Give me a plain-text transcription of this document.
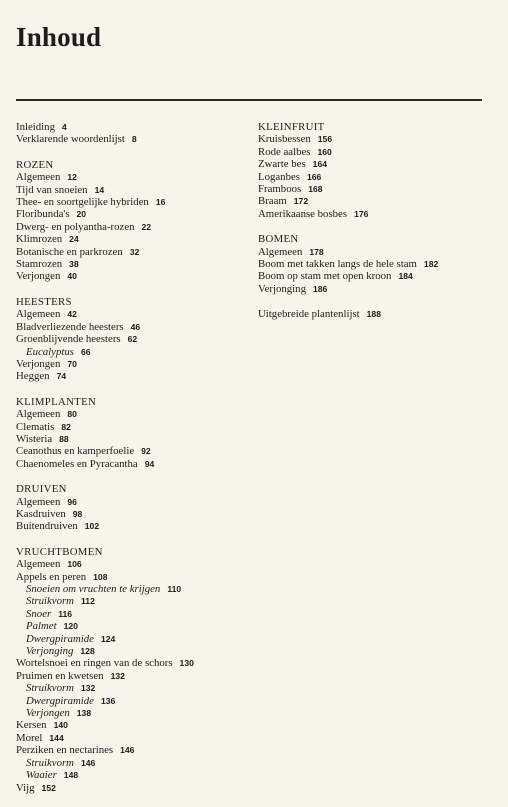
Inhoud
Inleiding 4
Verklarende woordenlijst 8
ROZEN
Algemeen 12
Tijd van snoeien 14
Thee- en soortgelijke hybriden 16
Floribunda's 20
Dwerg- en polyantha-rozen 22
Klimrozen 24
Botanische en parkrozen 32
Stamrozen 38
Verjongen 40
HEESTERS
Algemeen 42
Bladverliezende heesters 46
Groenblijvende heesters 62
Eucalyptus 66
Verjongen 70
Heggen 74
KLIMPLANTEN
Algemeen 80
Clematis 82
Wisteria 88
Ceanothus en kamperfoelie 92
Chaenomeles en Pyracantha 94
DRUIVEN
Algemeen 96
Kasdruiven 98
Buitendruiven 102
VRUCHTBOMEN
Algemeen 106
Appels en peren 108
Snoeien om vruchten te krijgen 110
Struikvorm 112
Snoer 116
Palmet 120
Dwergpiramide 124
Verjonging 128
Wortelsnoei en ringen van de schors 130
Pruimen en kwetsen 132
Struikvorm 132
Dwergpiramide 136
Verjongen 138
Kersen 140
Morel 144
Perziken en nectarines 146
Struikvorm 146
Waaier 148
Vijg 152
KLEINFRUIT
Kruisbessen 156
Rode aalbes 160
Zwarte bes 164
Loganbes 166
Framboos 168
Braam 172
Amerikaanse bosbes 176
BOMEN
Algemeen 178
Boom met takken langs de hele stam 182
Boom op stam met open kroon 184
Verjonging 186
Uitgebreide plantenlijst 188
